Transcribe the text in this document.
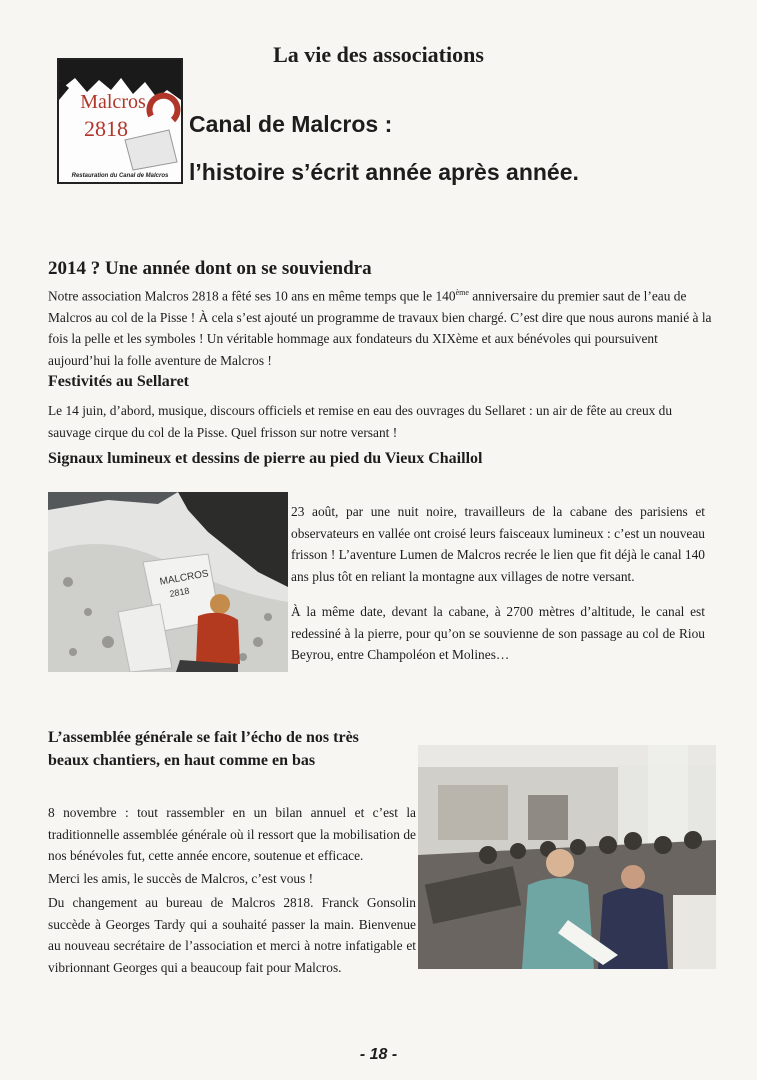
La vie des associations
Malcros
2818
Restauration du Canal de Malcros
Canal de Malcros :
l’histoire s’écrit année après année.
2014 ? Une année dont on se souviendra

Notre association Malcros 2818 a fêté ses 10 ans en même temps que le 140ème anniversaire du premier saut de l’eau de Malcros au col de la Pisse ! À cela s’est ajouté un programme de travaux bien chargé. C’est dire que nous aurons manié à la fois la pelle et les symboles ! Un véritable hommage aux fondateurs du XIXème et aux bénévoles qui poursuivent aujourd’hui la folle aventure de Malcros !

Festivités au Sellaret

Le 14 juin, d’abord, musique, discours officiels et remise en eau des ouvrages du Sellaret : un air de fête au creux du sauvage cirque du col de la Pisse. Quel frisson sur notre versant !

Signaux lumineux et dessins de pierre au pied du Vieux Chaillol
MALCROS
2818

23 août, par une nuit noire, travailleurs de la cabane des parisiens et observateurs en vallée ont croisé leurs faisceaux lumineux : c’est un nouveau frisson ! L’aventure Lumen de Malcros recrée le lien que fit déjà le canal 140 ans plus tôt en reliant la montagne aux villages de notre versant.

À la même date, devant la cabane, à 2700 mètres d’altitude, le canal est redessiné à la pierre, pour qu’on se souvienne de son passage au col de Riou Beyrou, entre Champoléon et Molines…

L’assemblée générale se fait l’écho de nos très
beaux chantiers, en haut comme en bas

8 novembre : tout rassembler en un bilan annuel et c’est la traditionnelle assemblée générale où il ressort que la mobilisation de nos bénévoles fut, cette année encore, soutenue et efficace.

Merci les amis, le succès de Malcros, c’est vous !

Du changement au bureau de Malcros 2818. Franck Gonsolin succède à Georges Tardy qui a souhaité passer la main. Bienvenue au nouveau secrétaire de l’association et merci à notre infatigable et vibrionnant Georges qui a beaucoup fait pour Malcros.

- 18 -
